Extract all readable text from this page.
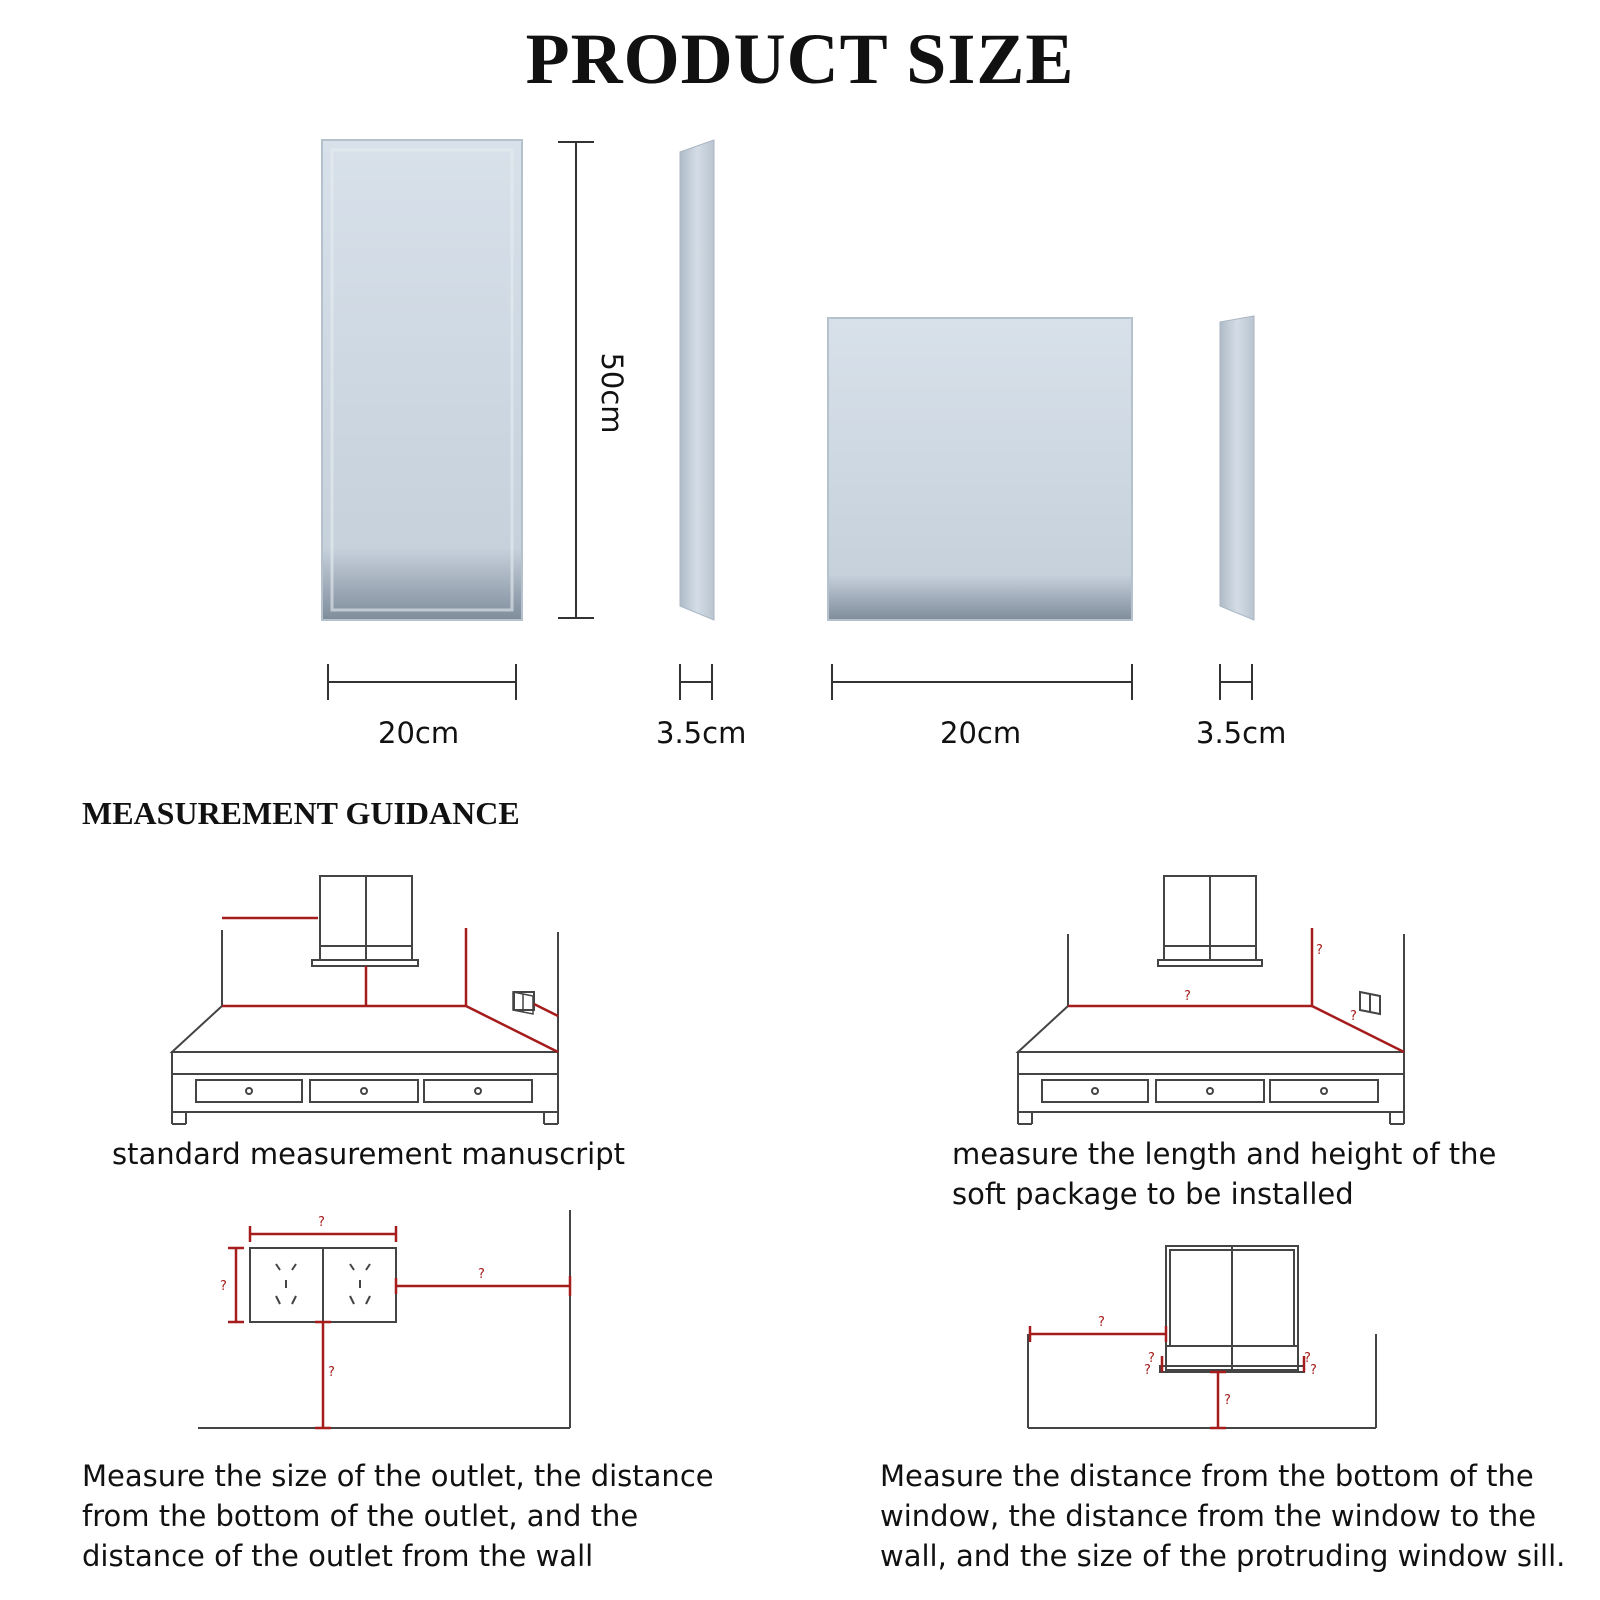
PRODUCT SIZE
?
?
?
?
?
?
?
?
?
?
?
?
?
50cm
20cm	3.5cm	20cm	3.5cm
MEASUREMENT GUIDANCE
standard measurement manuscript	measure the length and height of the soft package to be installed
Measure the size of the outlet, the distance from the bottom of the outlet, and the distance of the outlet from the wall
Measure the distance from the bottom of the window, the distance from the window to the wall, and the size of the protruding window sill.
